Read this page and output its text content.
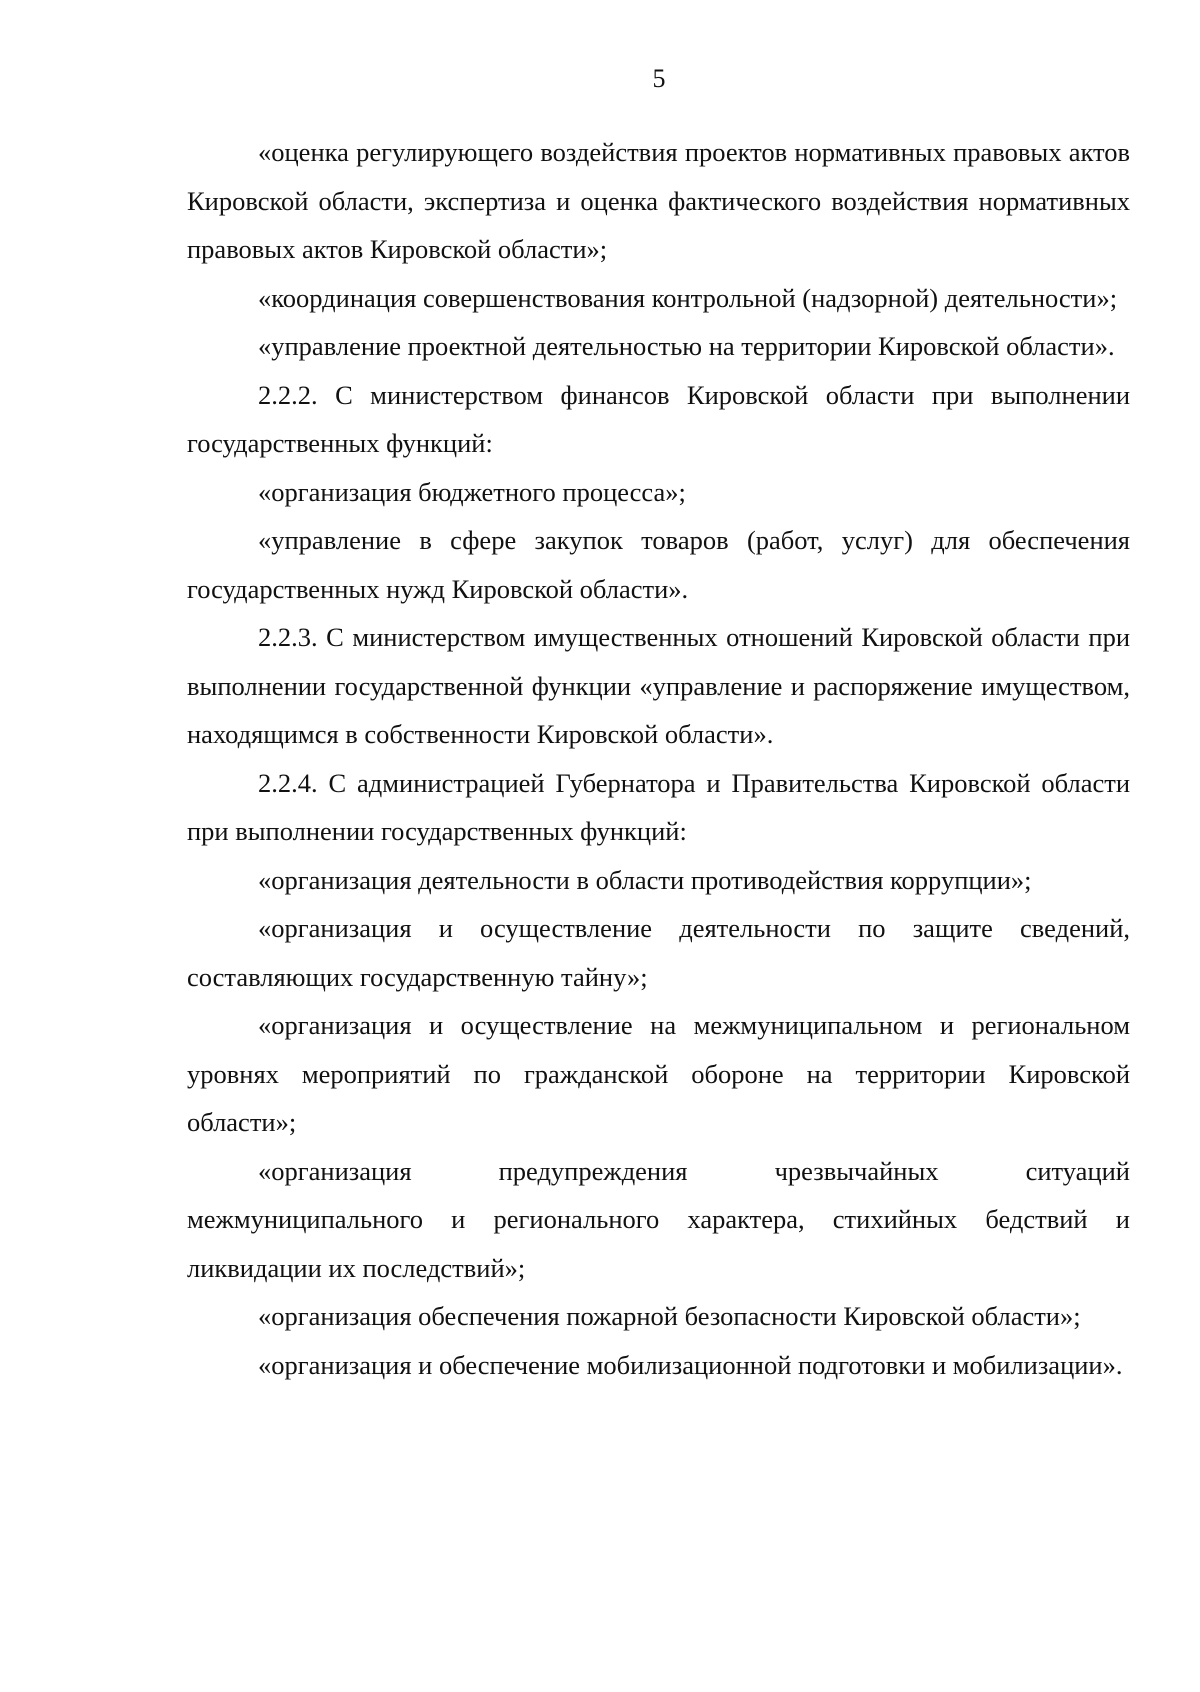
5

«оценка регулирующего воздействия проектов нормативных правовых актов Кировской области, экспертиза и оценка фактического воздействия нормативных правовых актов Кировской области»;

«координация совершенствования контрольной (надзорной) деятельности»;

«управление проектной деятельностью на территории Кировской области».

2.2.2. С министерством финансов Кировской области при выполнении государственных функций:

«организация бюджетного процесса»;

«управление в сфере закупок товаров (работ, услуг) для обеспечения государственных нужд Кировской области».

2.2.3. С министерством имущественных отношений Кировской области при выполнении государственной функции «управление и распоряжение имуществом, находящимся в собственности Кировской области».

2.2.4. С администрацией Губернатора и Правительства Кировской области при выполнении государственных функций:

«организация деятельности в области противодействия коррупции»;

«организация и осуществление деятельности по защите сведений, составляющих государственную тайну»;

«организация и осуществление на межмуниципальном и региональном уровнях мероприятий по гражданской обороне на территории Кировской области»;

«организация предупреждения чрезвычайных ситуаций межмуниципального и регионального характера, стихийных бедствий и ликвидации их последствий»;

«организация обеспечения пожарной безопасности Кировской области»;

«организация и обеспечение мобилизационной подготовки и мобилизации».
